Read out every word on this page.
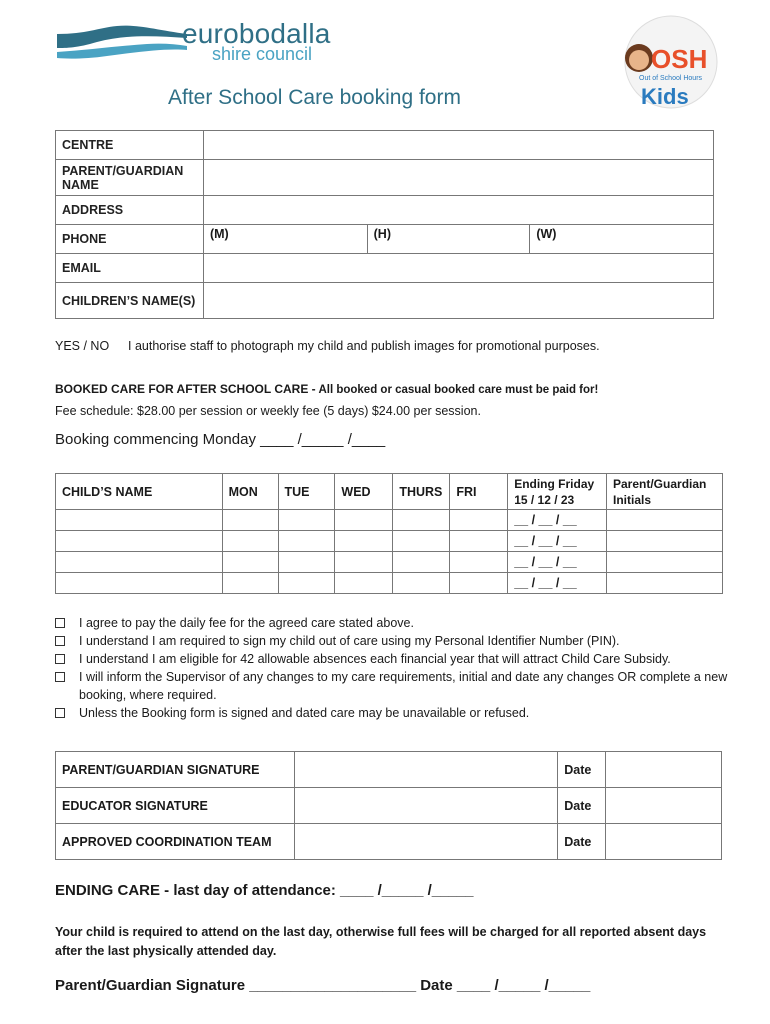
eurobodalla
shire council	OSH
Out of School Hours
Kids
After School Care booking form
CENTRE			
PARENT/GUARDIAN NAME			
ADDRESS			
PHONE	(M)	(H)	(W)
EMAIL			
CHILDREN’S NAME(S)			
YES / NO I authorise staff to photograph my child and publish images for promotional purposes.
BOOKED CARE FOR AFTER SCHOOL CARE - All booked or casual booked care must be paid for!
Fee schedule: $28.00 per session or weekly fee (5 days) $24.00 per session.
Booking commencing Monday ____ /_____ /____
CHILD’S NAME	MON	TUE	WED	THURS	FRI	Ending Friday 15 / 12 / 23	Parent/Guardian Initials
						__ / __ / __	
						__ / __ / __	
						__ / __ / __	
						__ / __ / __	
I agree to pay the daily fee for the agreed care stated above.
I understand I am required to sign my child out of care using my Personal Identifier Number (PIN).
I understand I am eligible for 42 allowable absences each financial year that will attract Child Care Subsidy.
I will inform the Supervisor of any changes to my care requirements, initial and date any changes OR complete a new booking, where required.
Unless the Booking form is signed and dated care may be unavailable or refused.
PARENT/GUARDIAN SIGNATURE		Date	
EDUCATOR SIGNATURE		Date	
APPROVED COORDINATION TEAM		Date	
ENDING CARE - last day of attendance: ____ /_____ /_____
Your child is required to attend on the last day, otherwise full fees will be charged for all reported absent days after the last physically attended day.
Parent/Guardian Signature ____________________ Date ____ /_____ /_____
